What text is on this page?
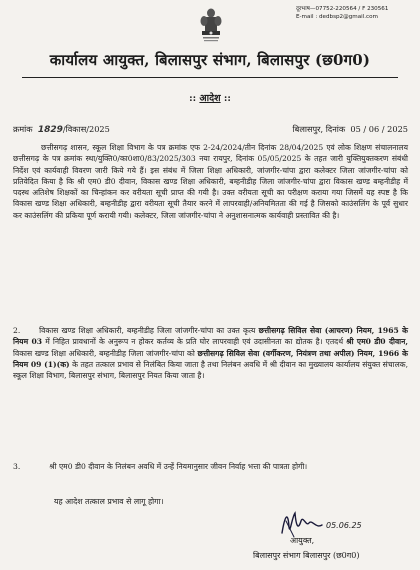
दूरभाष—07752-220564 / F 230561
E-mail : dedbsp2@gmail.com
कार्यालय आयुक्त, बिलासपुर संभाग, बिलासपुर (छ0ग0)
:: आदेश ::
क्रमांक 1829/विकास/2025	बिलासपुर, दिनांक 05 / 06 / 2025

छत्तीसगढ़ शासन, स्कूल शिक्षा विभाग के पत्र क्रमांक एफ 2-24/2024/तीन दिनांक 28/04/2025 एवं लोक शिक्षण संचालनालय छत्तीसगढ़ के पत्र क्रमांक स्था/युक्ति0/का0शा0/83/2025/303 नया रायपुर, दिनांक 05/05/2025 के तहत जारी युक्तियुक्तकरण संबंधी निर्देश एवं कार्यवाही विवरण जारी किये गये हैं। इस संबंध में जिला शिक्षा अधिकारी, जांजगीर-चांपा द्वारा कलेक्टर जिला जांजगीर-चांपा को प्रतिवेदित किया है कि श्री एम0 डी0 दीवान, विकास खण्ड शिक्षा अधिकारी, बम्हनीडीह जिला जांजगीर-चांपा द्वारा विकास खण्ड बम्हनीडीह में पदस्थ अतिशेष शिक्षकों का चिन्हांकन कर वरीयता सूची प्राप्त की गयी है। उक्त वरीयता सूची का परीक्षण कराया गया जिसमें यह स्पष्ट है कि विकास खण्ड शिक्षा अधिकारी, बम्हनीडीह द्वारा वरीयता सूची तैयार करने में लापरवाही/अनियमितता की गई है जिसको काउंसलिंग के पूर्व सुधार कर काउंसलिंग की प्रकिया पूर्ण करायी गयी। कलेक्टर, जिला जांजगीर-चांपा ने अनुशासनात्मक कार्यवाही प्रस्तावित की है।

2. विकास खण्ड शिक्षा अधिकारी, बम्हनीडीह जिला जांजगीर-चांपा का उक्त कृत्य छत्तीसगढ़ सिविल सेवा (आचरण) नियम, 1965 के नियम 03 में निहित प्रावधानों के अनुरूप न होकर कर्तव्य के प्रति घोर लापरवाही एवं उदासीनता का द्योतक है। एतदर्थ श्री एम0 डी0 दीवान, विकास खण्ड शिक्षा अधिकारी, बम्हनीडीह जिला जांजगीर-चांपा को छत्तीसगढ़ सिविल सेवा (वर्गीकरण, नियंत्रण तथा अपील) नियम, 1966 के नियम 09 (1)(क) के तहत तत्काल प्रभाव से निलंबित किया जाता है तथा निलंबन अवधि में श्री दीवान का मुख्यालय कार्यालय संयुक्त संचालक, स्कूल शिक्षा विभाग, बिलासपुर संभाग, बिलासपुर नियत किया जाता है।

3.	श्री एम0 डी0 दीवान के निलंबन अवधि में उन्हें नियमानुसार जीवन निर्वाह भत्ता की पात्रता होगी।

यह आदेश तत्काल प्रभाव से लागू होगा।
05.06.25
आयुक्त,
बिलासपुर संभाग बिलासपुर (छ0ग0)
